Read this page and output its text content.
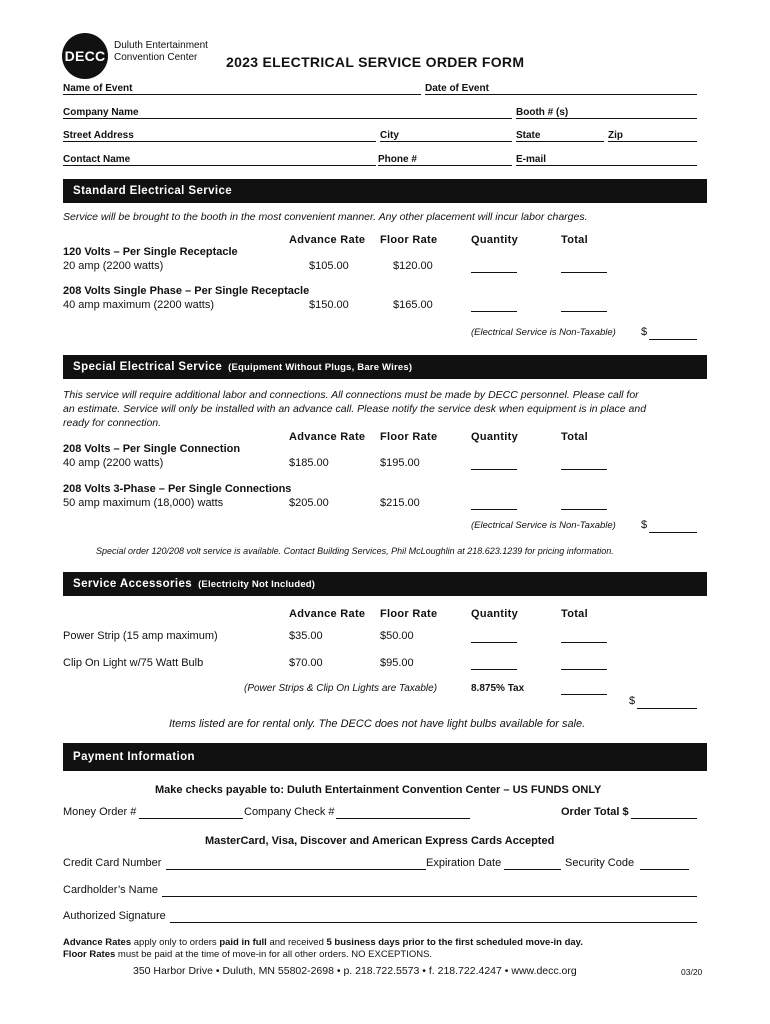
DECC
Duluth Entertainment
Convention Center	2023 ELECTRICAL SERVICE ORDER FORM
Name of Event	Date of Event
Company Name	Booth # (s)
Street Address	City	State	Zip
Contact Name	Phone #	E-mail
Standard Electrical Service
Service will be brought to the booth in the most convenient manner. Any other placement will incur labor charges.
Advance Rate Floor Rate	Quantity	Total
120 Volts – Per Single Receptacle
20 amp (2200 watts)	$105.00	$120.00
208 Volts Single Phase – Per Single Receptacle
40 amp maximum (2200 watts)	$150.00	$165.00
(Electrical Service is Non-Taxable) $
Special Electrical Service (Equipment Without Plugs, Bare Wires)
This service will require additional labor and connections. All connections must be made by DECC personnel. Please call for
an estimate. Service will only be installed with an advance call. Please notify the service desk when equipment is in place and
ready for connection.
Advance Rate Floor Rate	Quantity	Total
208 Volts – Per Single Connection
40 amp (2200 watts)	$185.00	$195.00
208 Volts 3-Phase – Per Single Connections
50 amp maximum (18,000) watts	$205.00	$215.00
(Electrical Service is Non-Taxable) $
Special order 120/208 volt service is available. Contact Building Services, Phil McLoughlin at 218.623.1239 for pricing information.
Service Accessories (Electricity Not Included)
Advance Rate Floor Rate	Quantity	Total
Power Strip (15 amp maximum)	$35.00	$50.00
Clip On Light w/75 Watt Bulb	$70.00	$95.00
(Power Strips & Clip On Lights are Taxable)	8.875% Tax
$
Items listed are for rental only. The DECC does not have light bulbs available for sale.
Payment Information
Make checks payable to: Duluth Entertainment Convention Center – US FUNDS ONLY
Money Order #	Company Check #	Order Total $
MasterCard, Visa, Discover and American Express Cards Accepted
Credit Card Number	Expiration Date	Security Code
Cardholder’s Name
Authorized Signature
Advance Rates apply only to orders paid in full and received 5 business days prior to the first scheduled move-in day.
Floor Rates must be paid at the time of move-in for all other orders. NO EXCEPTIONS.
350 Harbor Drive • Duluth, MN 55802-2698 • p. 218.722.5573 • f. 218.722.4247 • www.decc.org	03/20
